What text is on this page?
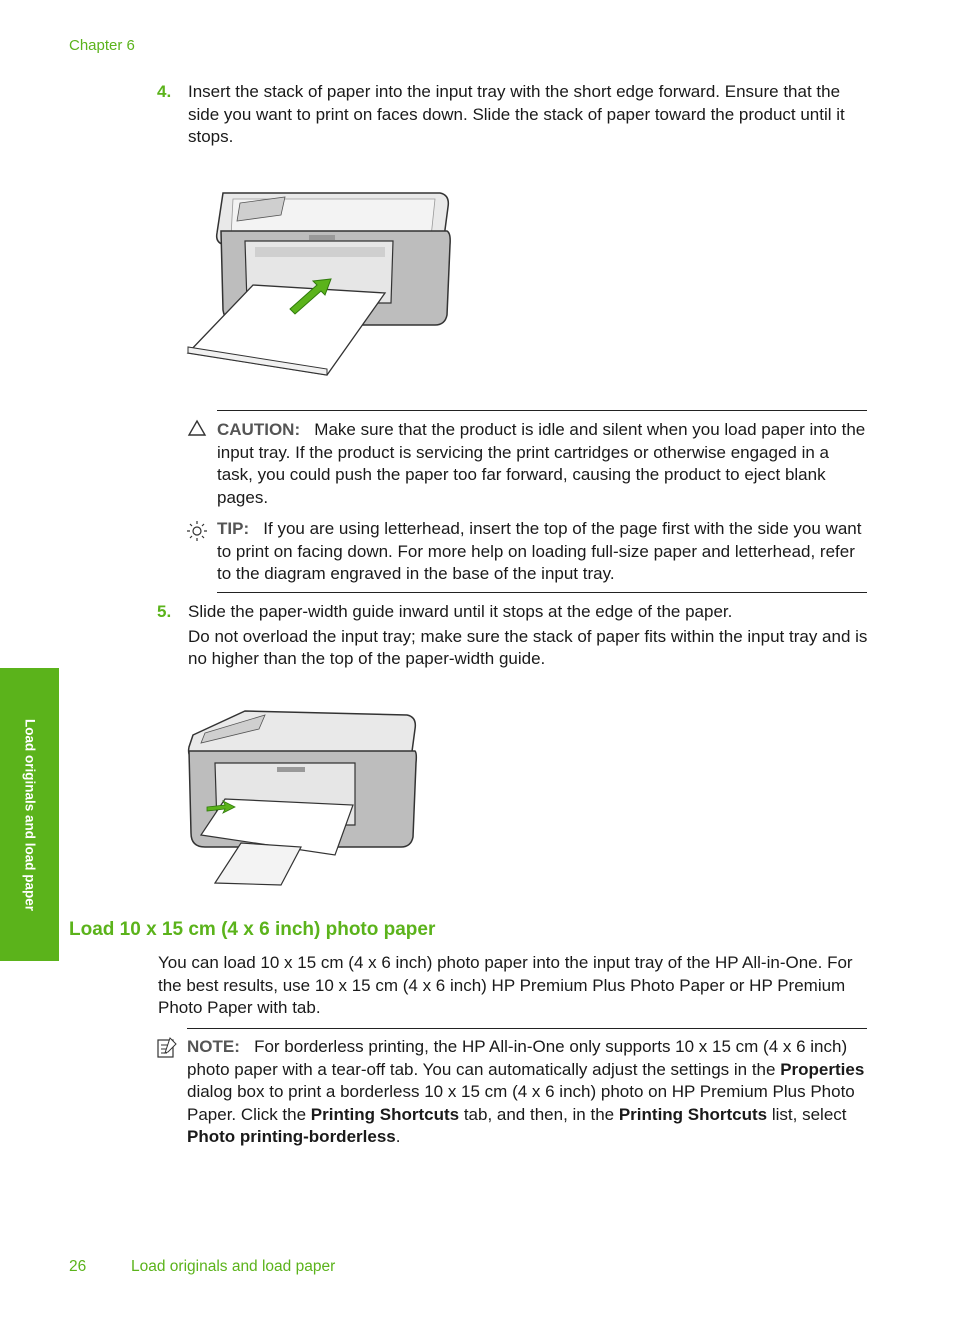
Chapter 6
4. Insert the stack of paper into the input tray with the short edge forward. Ensure that the side you want to print on faces down. Slide the stack of paper toward the product until it stops.
CAUTION: Make sure that the product is idle and silent when you load paper into the input tray. If the product is servicing the print cartridges or otherwise engaged in a task, you could push the paper too far forward, causing the product to eject blank pages.
TIP: If you are using letterhead, insert the top of the page first with the side you want to print on facing down. For more help on loading full-size paper and letterhead, refer to the diagram engraved in the base of the input tray.
5. Slide the paper-width guide inward until it stops at the edge of the paper.
Do not overload the input tray; make sure the stack of paper fits within the input tray and is no higher than the top of the paper-width guide.
Load originals and load paper
Load 10 x 15 cm (4 x 6 inch) photo paper
You can load 10 x 15 cm (4 x 6 inch) photo paper into the input tray of the HP All-in-One. For the best results, use 10 x 15 cm (4 x 6 inch) HP Premium Plus Photo Paper or HP Premium Photo Paper with tab.
NOTE: For borderless printing, the HP All-in-One only supports 10 x 15 cm (4 x 6 inch) photo paper with a tear-off tab. You can automatically adjust the settings in the Properties dialog box to print a borderless 10 x 15 cm (4 x 6 inch) photo on HP Premium Plus Photo Paper. Click the Printing Shortcuts tab, and then, in the Printing Shortcuts list, select Photo printing-borderless.
26	Load originals and load paper
